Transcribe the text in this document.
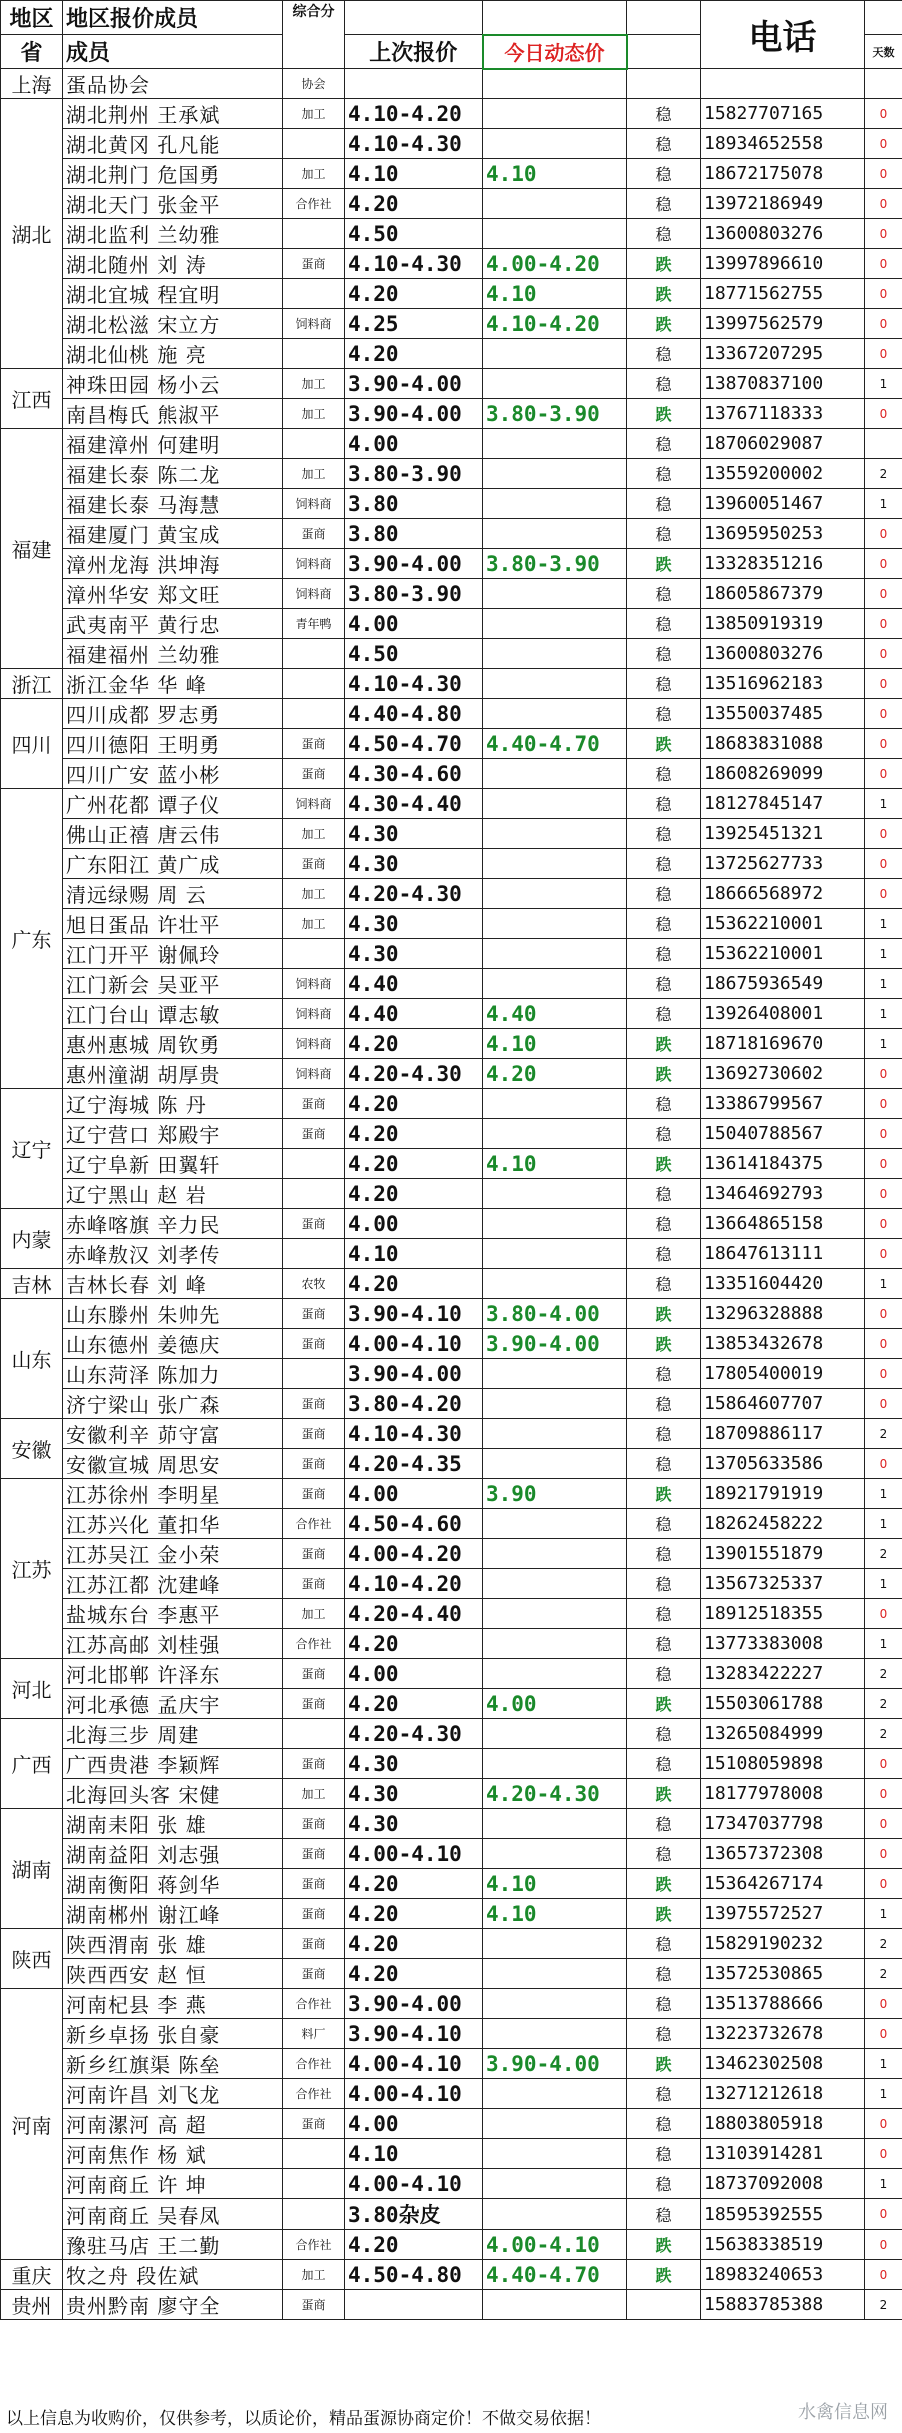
地区	地区报价成员	综合分				电话	
省	成员		上次报价	今日动态价			天数
上海	蛋品协会	协会					
湖北	湖北荆州 王承斌	加工	4.10-4.20		稳	15827707165	0
	湖北黄冈 孔凡能		4.10-4.30		稳	18934652558	0
	湖北荆门 危国勇	加工	4.10	4.10	稳	18672175078	0
	湖北天门 张金平	合作社	4.20		稳	13972186949	0
	湖北监利 兰幼雅		4.50		稳	13600803276	0
	湖北随州 刘 涛	蛋商	4.10-4.30	4.00-4.20	跌	13997896610	0
	湖北宜城 程宜明		4.20	4.10	跌	18771562755	0
	湖北松滋 宋立方	饲料商	4.25	4.10-4.20	跌	13997562579	0
	湖北仙桃 施 亮		4.20		稳	13367207295	0
江西	神珠田园 杨小云	加工	3.90-4.00		稳	13870837100	1
	南昌梅氏 熊淑平	加工	3.90-4.00	3.80-3.90	跌	13767118333	0
福建	福建漳州 何建明		4.00		稳	18706029087	
	福建长泰 陈二龙	加工	3.80-3.90		稳	13559200002	2
	福建长泰 马海慧	饲料商	3.80		稳	13960051467	1
	福建厦门 黄宝成	蛋商	3.80		稳	13695950253	0
	漳州龙海 洪坤海	饲料商	3.90-4.00	3.80-3.90	跌	13328351216	0
	漳州华安 郑文旺	饲料商	3.80-3.90		稳	18605867379	0
	武夷南平 黄行忠	青年鸭	4.00		稳	13850919319	0
	福建福州 兰幼雅		4.50		稳	13600803276	0
浙江	浙江金华 华 峰		4.10-4.30		稳	13516962183	0
四川	四川成都 罗志勇		4.40-4.80		稳	13550037485	0
	四川德阳 王明勇	蛋商	4.50-4.70	4.40-4.70	跌	18683831088	0
	四川广安 蓝小彬	蛋商	4.30-4.60		稳	18608269099	0
广东	广州花都 谭子仪	饲料商	4.30-4.40		稳	18127845147	1
	佛山正禧 唐云伟	加工	4.30		稳	13925451321	0
	广东阳江 黄广成	蛋商	4.30		稳	13725627733	0
	清远绿赐 周 云	加工	4.20-4.30		稳	18666568972	0
	旭日蛋品 许壮平	加工	4.30		稳	15362210001	1
	江门开平 谢佩玲		4.30		稳	15362210001	1
	江门新会 吴亚平	饲料商	4.40		稳	18675936549	1
	江门台山 谭志敏	饲料商	4.40	4.40	稳	13926408001	1
	惠州惠城 周钦勇	饲料商	4.20	4.10	跌	18718169670	1
	惠州潼湖 胡厚贵	饲料商	4.20-4.30	4.20	跌	13692730602	0
辽宁	辽宁海城 陈 丹	蛋商	4.20		稳	13386799567	0
	辽宁营口 郑殿宇	蛋商	4.20		稳	15040788567	0
	辽宁阜新 田翼轩		4.20	4.10	跌	13614184375	0
	辽宁黑山 赵 岩		4.20		稳	13464692793	0
内蒙	赤峰喀旗 辛力民	蛋商	4.00		稳	13664865158	0
	赤峰敖汉 刘孝传		4.10		稳	18647613111	0
吉林	吉林长春 刘 峰	农牧	4.20		稳	13351604420	1
山东	山东滕州 朱帅先	蛋商	3.90-4.10	3.80-4.00	跌	13296328888	0
	山东德州 姜德庆	蛋商	4.00-4.10	3.90-4.00	跌	13853432678	0
	山东菏泽 陈加力		3.90-4.00		稳	17805400019	0
	济宁梁山 张广森	蛋商	3.80-4.20		稳	15864607707	0
安徽	安徽利辛 茆守富	蛋商	4.10-4.30		稳	18709886117	2
	安徽宣城 周思安	蛋商	4.20-4.35		稳	13705633586	0
江苏	江苏徐州 李明星	蛋商	4.00	3.90	跌	18921791919	1
	江苏兴化 董扣华	合作社	4.50-4.60		稳	18262458222	1
	江苏吴江 金小荣	蛋商	4.00-4.20		稳	13901551879	2
	江苏江都 沈建峰	蛋商	4.10-4.20		稳	13567325337	1
	盐城东台 李惠平	加工	4.20-4.40		稳	18912518355	0
	江苏高邮 刘桂强	合作社	4.20		稳	13773383008	1
河北	河北邯郸 许泽东	蛋商	4.00		稳	13283422227	2
	河北承德 孟庆宇	蛋商	4.20	4.00	跌	15503061788	2
广西	北海三步 周建		4.20-4.30		稳	13265084999	2
	广西贵港 李颖辉	蛋商	4.30		稳	15108059898	0
	北海回头客 宋健	加工	4.30	4.20-4.30	跌	18177978008	0
湖南	湖南耒阳 张 雄	蛋商	4.30		稳	17347037798	0
	湖南益阳 刘志强	蛋商	4.00-4.10		稳	13657372308	0
	湖南衡阳 蒋剑华	蛋商	4.20	4.10	跌	15364267174	0
	湖南郴州 谢江峰	蛋商	4.20	4.10	跌	13975572527	1
陕西	陕西渭南 张 雄	蛋商	4.20		稳	15829190232	2
	陕西西安 赵 恒	蛋商	4.20		稳	13572530865	2
河南	河南杞县 李 燕	合作社	3.90-4.00		稳	13513788666	0
	新乡卓扬 张自豪	料厂	3.90-4.10		稳	13223732678	0
	新乡红旗渠 陈垒	合作社	4.00-4.10	3.90-4.00	跌	13462302508	1
	河南许昌 刘飞龙	合作社	4.00-4.10		稳	13271212618	1
	河南漯河 高 超	蛋商	4.00		稳	18803805918	0
	河南焦作 杨 斌		4.10		稳	13103914281	0
	河南商丘 许 坤		4.00-4.10		稳	18737092008	1
	河南商丘 吴春凤		3.80杂皮		稳	18595392555	0
	豫驻马店 王二勤	合作社	4.20	4.00-4.10	跌	15638338519	0
重庆	牧之舟 段佐斌	加工	4.50-4.80	4.40-4.70	跌	18983240653	0
贵州	贵州黔南 廖守全	蛋商				15883785388	2
以上信息为收购价，仅供参考，以质论价，精品蛋源协商定价！不做交易依据！	水禽信息网
